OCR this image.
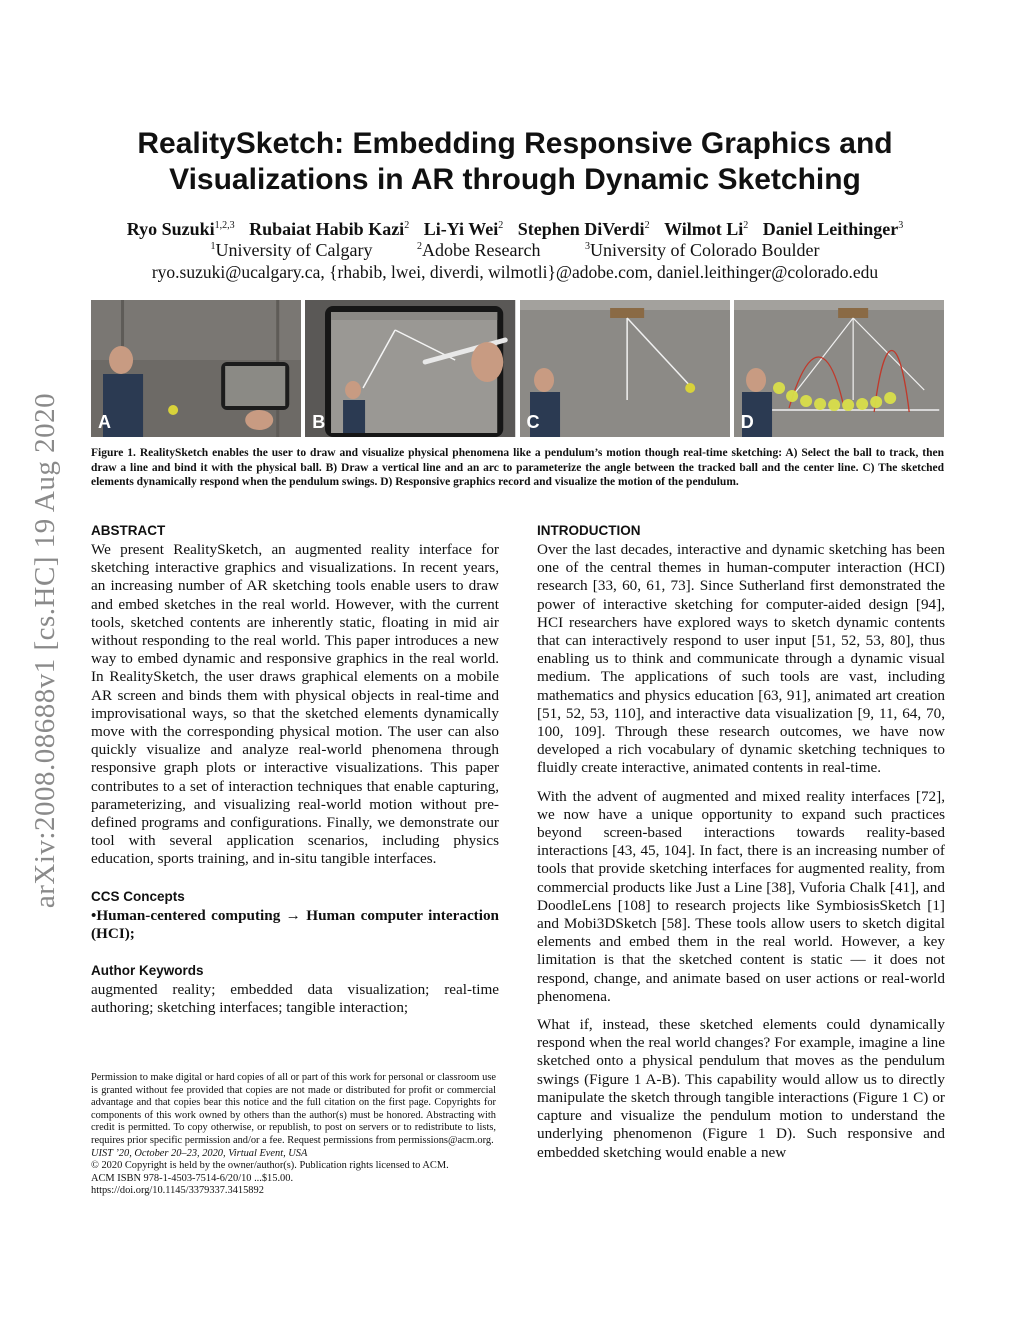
arXiv:2008.08688v1 [cs.HC] 19 Aug 2020
RealitySketch: Embedding Responsive Graphics and
Visualizations in AR through Dynamic Sketching
Ryo Suzuki$^{1,2,3}$ Rubaiat Habib Kazi$^2$ Li-Yi Wei$^2$ Stephen DiVerdi$^2$ Wilmot Li$^2$ Daniel Leithinger$^3$
$^1$University of Calgary	$^2$Adobe Research	$^3$University of Colorado Boulder
ryo.suzuki@ucalgary.ca, {rhabib, lwei, diverdi, wilmotli}@adobe.com, daniel.leithinger@colorado.edu
A	B	C	D

Figure 1. RealitySketch enables the user to draw and visualize physical phenomena like a pendulum’s motion though real-time sketching: A) Select the ball to track, then draw a line and bind it with the physical ball. B) Draw a vertical line and an arc to parameterize the angle between the tracked ball and the center line. C) The sketched elements dynamically respond when the pendulum swings. D) Responsive graphics record and visualize the motion of the pendulum.

ABSTRACT

We present RealitySketch, an augmented reality interface for sketching interactive graphics and visualizations. In recent years, an increasing number of AR sketching tools enable users to draw and embed sketches in the real world. However, with the current tools, sketched contents are inherently static, floating in mid air without responding to the real world. This paper introduces a new way to embed dynamic and responsive graphics in the real world. In RealitySketch, the user draws graphical elements on a mobile AR screen and binds them with physical objects in real-time and improvisational ways, so that the sketched elements dynamically move with the corresponding physical motion. The user can also quickly visualize and analyze real-world phenomena through responsive graph plots or interactive visualizations. This paper contributes to a set of interaction techniques that enable capturing, parameterizing, and visualizing real-world motion without pre-defined programs and configurations. Finally, we demonstrate our tool with several application scenarios, including physics education, sports training, and in-situ tangible interfaces.

CCS Concepts

•Human-centered computing → Human computer interaction (HCI);

Author Keywords

augmented reality; embedded data visualization; real-time authoring; sketching interfaces; tangible interaction;

Permission to make digital or hard copies of all or part of this work for personal or classroom use is granted without fee provided that copies are not made or distributed for profit or commercial advantage and that copies bear this notice and the full citation on the first page. Copyrights for components of this work owned by others than the author(s) must be honored. Abstracting with credit is permitted. To copy otherwise, or republish, to post on servers or to redistribute to lists, requires prior specific permission and/or a fee. Request permissions from permissions@acm.org.

UIST ’20, October 20–23, 2020, Virtual Event, USA

© 2020 Copyright is held by the owner/author(s). Publication rights licensed to ACM.

ACM ISBN 978-1-4503-7514-6/20/10 ...$15.00.

https://doi.org/10.1145/3379337.3415892

INTRODUCTION

Over the last decades, interactive and dynamic sketching has been one of the central themes in human-computer interaction (HCI) research [33, 60, 61, 73]. Since Sutherland first demonstrated the power of interactive sketching for computer-aided design [94], HCI researchers have explored ways to sketch dynamic contents that can interactively respond to user input [51, 52, 53, 80], thus enabling us to think and communicate through a dynamic visual medium. The applications of such tools are vast, including mathematics and physics education [63, 91], animated art creation [51, 52, 53, 110], and interactive data visualization [9, 11, 64, 70, 100, 109]. Through these research outcomes, we have now developed a rich vocabulary of dynamic sketching techniques to fluidly create interactive, animated contents in real-time.

With the advent of augmented and mixed reality interfaces [72], we now have a unique opportunity to expand such practices beyond screen-based interactions towards reality-based interactions [43, 45, 104]. In fact, there is an increasing number of tools that provide sketching interfaces for augmented reality, from commercial products like Just a Line [38], Vuforia Chalk [41], and DoodleLens [108] to research projects like SymbiosisSketch [1] and Mobi3DSketch [58]. These tools allow users to sketch digital elements and embed them in the real world. However, a key limitation is that the sketched content is static — it does not respond, change, and animate based on user actions or real-world phenomena.

What if, instead, these sketched elements could dynamically respond when the real world changes? For example, imagine a line sketched onto a physical pendulum that moves as the pendulum swings (Figure 1 A-B). This capability would allow us to directly manipulate the sketch through tangible interactions (Figure 1 C) or capture and visualize the pendulum motion to understand the underlying phenomenon (Figure 1 D). Such responsive and embedded sketching would enable a new
